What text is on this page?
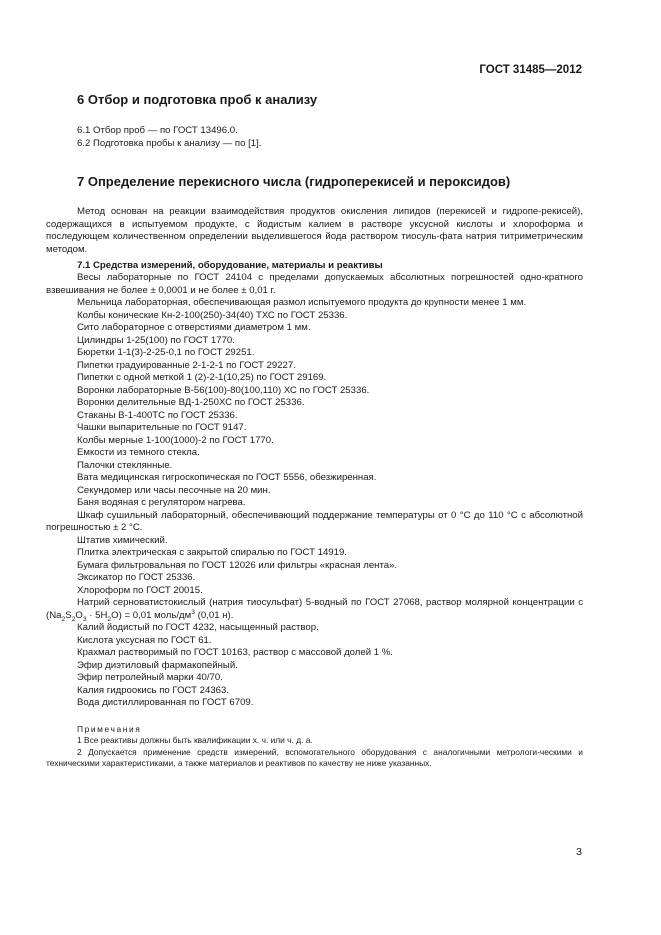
ГОСТ 31485—2012
6 Отбор и подготовка проб к анализу
6.1 Отбор проб — по ГОСТ 13496.0.
6.2 Подготовка пробы к анализу — по [1].
7 Определение перекисного числа (гидроперекисей и пероксидов)

Метод основан на реакции взаимодействия продуктов окисления липидов (перекисей и гидропе-рекисей), содержащихся в испытуемом продукте, с йодистым калием в растворе уксусной кислоты и хлороформа и последующем количественном определении выделившегося йода раствором тиосуль-фата натрия титриметрическим методом.

7.1 Средства измерений, оборудование, материалы и реактивы

Весы лабораторные по ГОСТ 24104 с пределами допускаемых абсолютных погрешностей одно-кратного взвешивания не более ± 0,0001 и не более ± 0,01 г.

Мельница лабораторная, обеспечивающая размол испытуемого продукта до крупности менее 1 мм.

Колбы конические Кн-2-100(250)-34(40) ТХС по ГОСТ 25336.

Сито лабораторное с отверстиями диаметром 1 мм.

Цилиндры 1-25(100) по ГОСТ 1770.

Бюретки 1-1(3)-2-25-0,1 по ГОСТ 29251.

Пипетки градуированные 2-1-2-1 по ГОСТ 29227.

Пипетки с одной меткой 1 (2)-2-1(10,25) по ГОСТ 29169.

Воронки лабораторные В-56(100)-80(100,110) ХС по ГОСТ 25336.

Воронки делительные ВД-1-250ХС по ГОСТ 25336.

Стаканы В-1-400ТС по ГОСТ 25336.

Чашки выпарительные по ГОСТ 9147.

Колбы мерные 1-100(1000)-2 по ГОСТ 1770.

Емкости из темного стекла.

Палочки стеклянные.

Вата медицинская гигроскопическая по ГОСТ 5556, обезжиренная.

Секундомер или часы песочные на 20 мин.

Баня водяная с регулятором нагрева.

Шкаф сушильный лабораторный, обеспечивающий поддержание температуры от 0 °С до 110 °С с абсолютной погрешностью ± 2 °С.

Штатив химический.

Плитка электрическая с закрытой спиралью по ГОСТ 14919.

Бумага фильтровальная по ГОСТ 12026 или фильтры «красная лента».

Эксикатор по ГОСТ 25336.

Хлороформ по ГОСТ 20015.

Натрий серноватистокислый (натрия тиосульфат) 5-водный по ГОСТ 27068, раствор молярной концентрации с $(Na_2S_2O_3 \cdot 5H_2O) = 0,01$ моль/$дм^3$ (0,01 н).

Калий йодистый по ГОСТ 4232, насыщенный раствор.

Кислота уксусная по ГОСТ 61.

Крахмал растворимый по ГОСТ 10163, раствор с массовой долей 1 %.

Эфир диэтиловый фармакопейный.

Эфир петролейный марки 40/70.

Калия гидроокись по ГОСТ 24363.

Вода дистиллированная по ГОСТ 6709.

Примечания

1 Все реактивы должны быть квалификации х. ч. или ч. д. а.

2 Допускается применение средств измерений, вспомогательного оборудования с аналогичными метрологи-ческими и техническими характеристиками, а также материалов и реактивов по качеству не ниже указанных.

3
